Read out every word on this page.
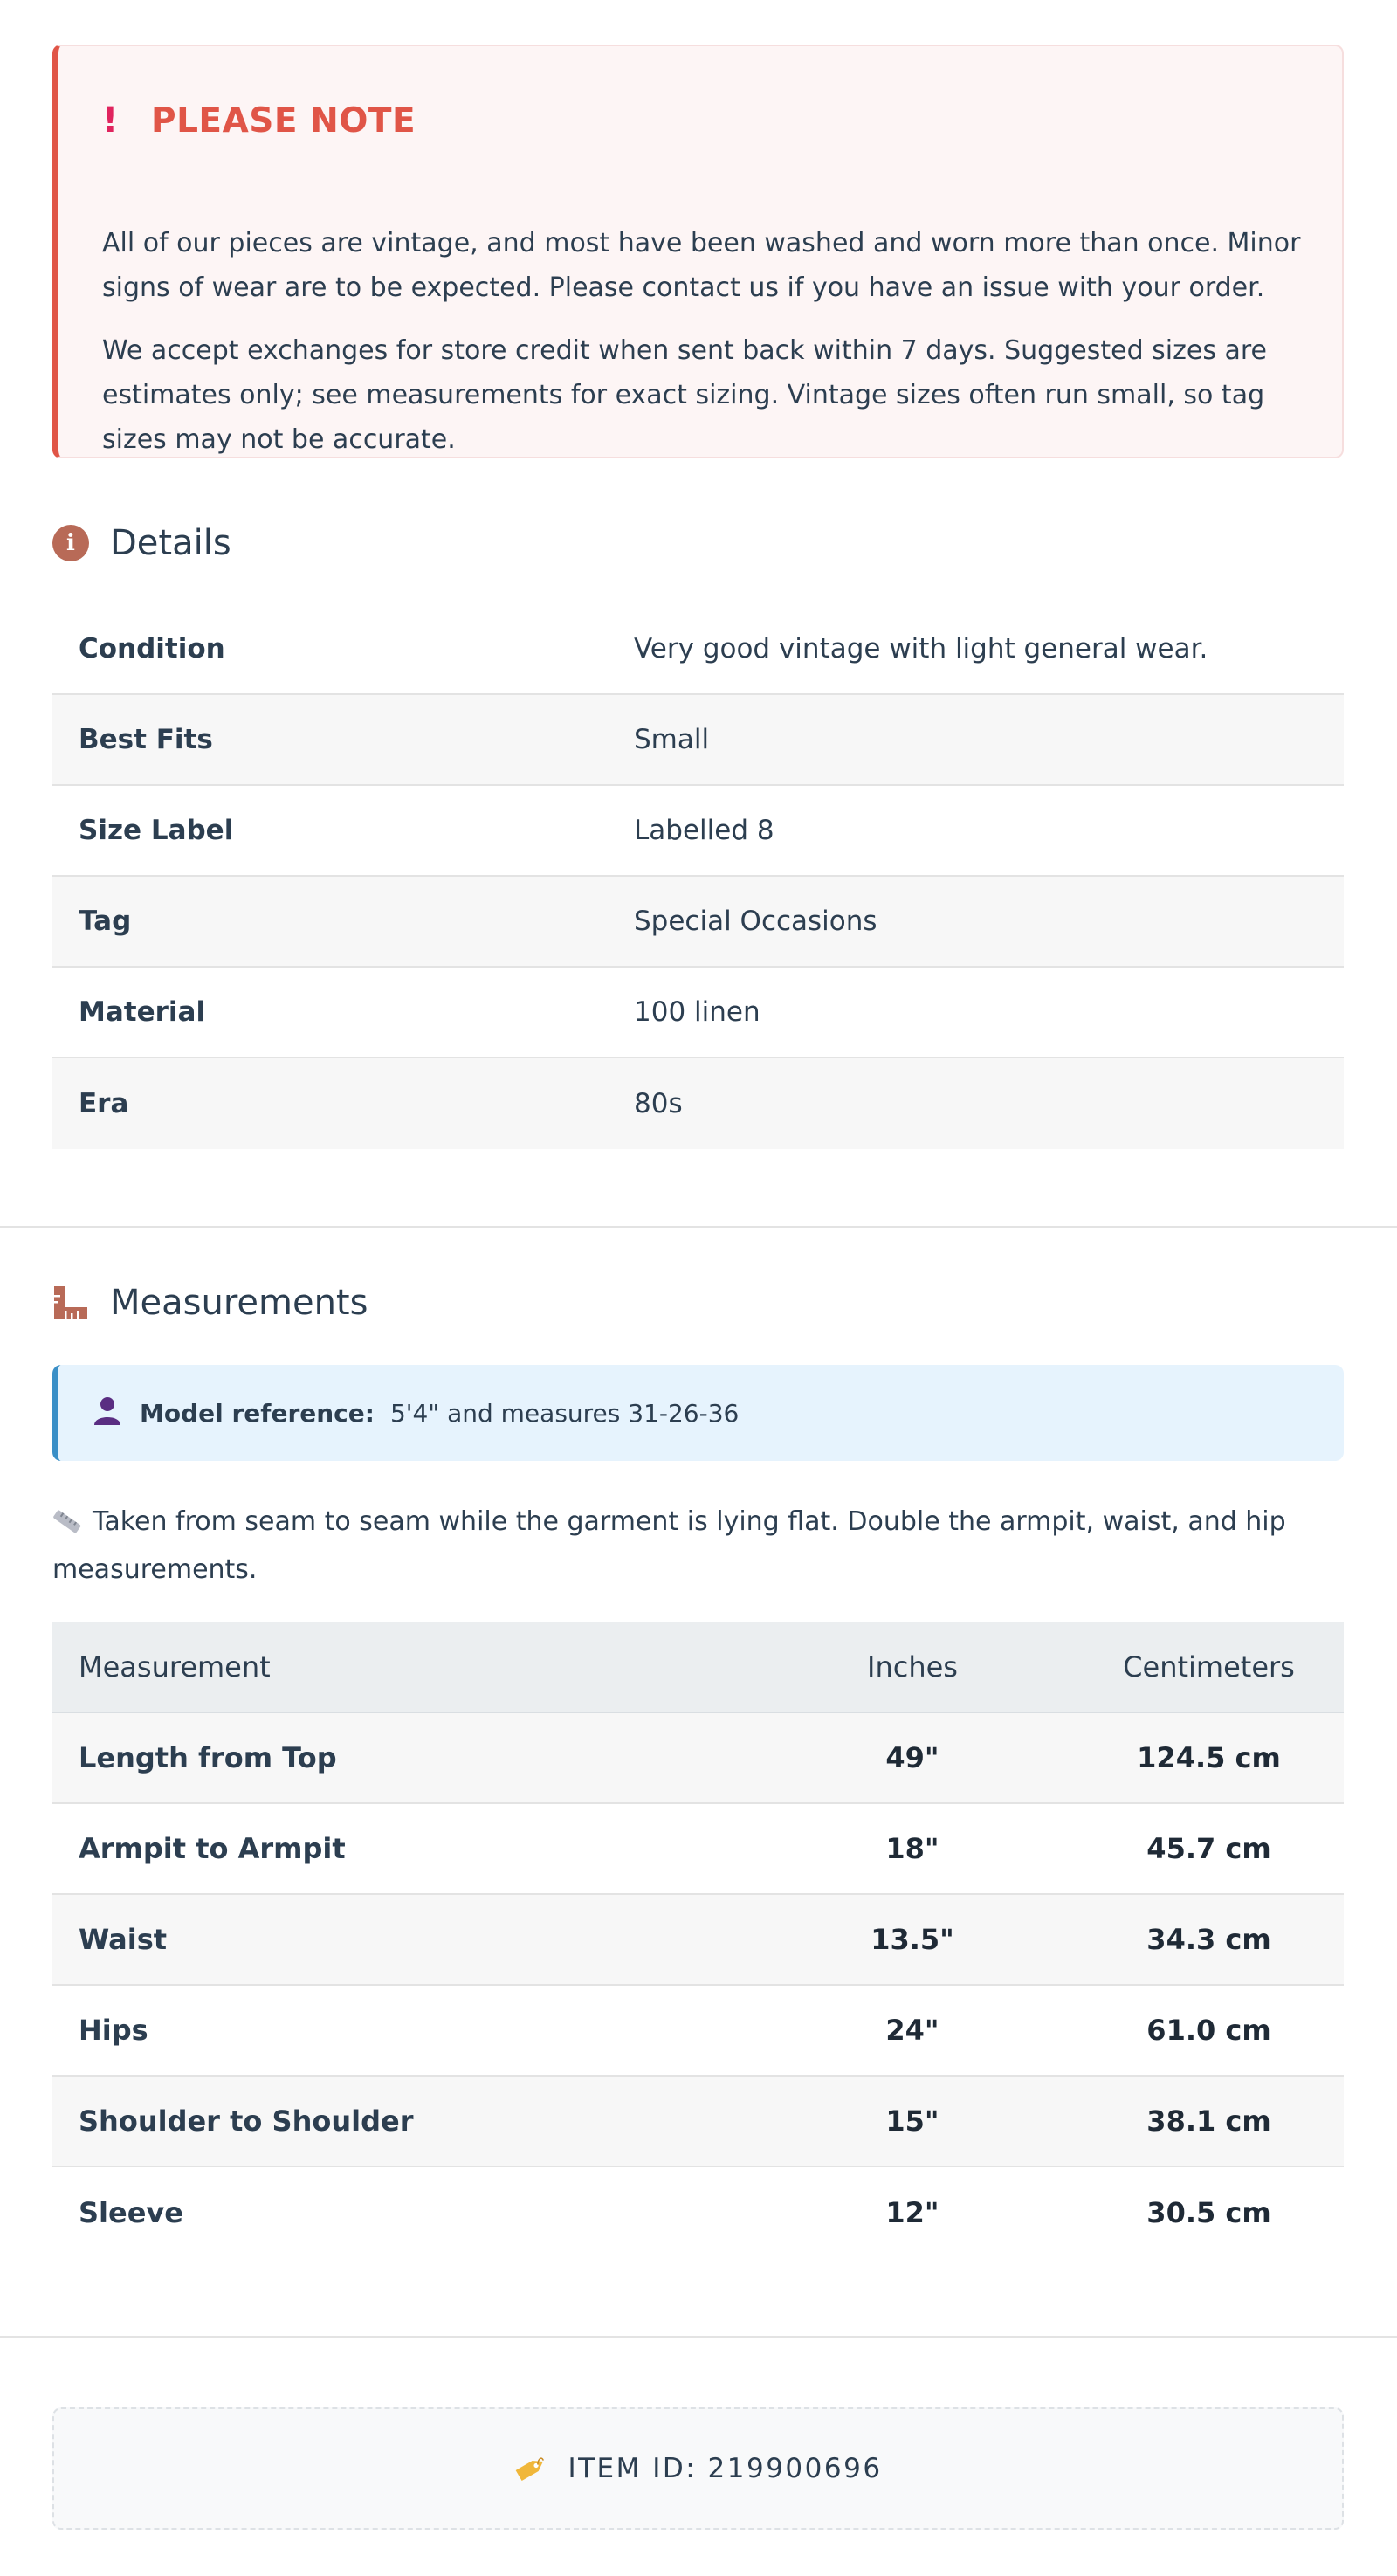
! PLEASE NOTE

All of our pieces are vintage, and most have been washed and worn more than once. Minor signs of wear are to be expected. Please contact us if you have an issue with your order.

We accept exchanges for store credit when sent back within 7 days. Suggested sizes are estimates only; see measurements for exact sizing. Vintage sizes often run small, so tag sizes may not be accurate.

i	Details
Condition	Very good vintage with light general wear.
Best Fits	Small
Size Label	Labelled 8
Tag	Special Occasions
Material	100 linen
Era	80s
Measurements
Model reference: 5'4" and measures 31-26-36

Taken from seam to seam while the garment is lying flat. Double the armpit, waist, and hip measurements.

Measurement	Inches	Centimeters
Length from Top	49"	124.5 cm
Armpit to Armpit	18"	45.7 cm
Waist	13.5"	34.3 cm
Hips	24"	61.0 cm
Shoulder to Shoulder	15"	38.1 cm
Sleeve	12"	30.5 cm
ITEM ID: 219900696
